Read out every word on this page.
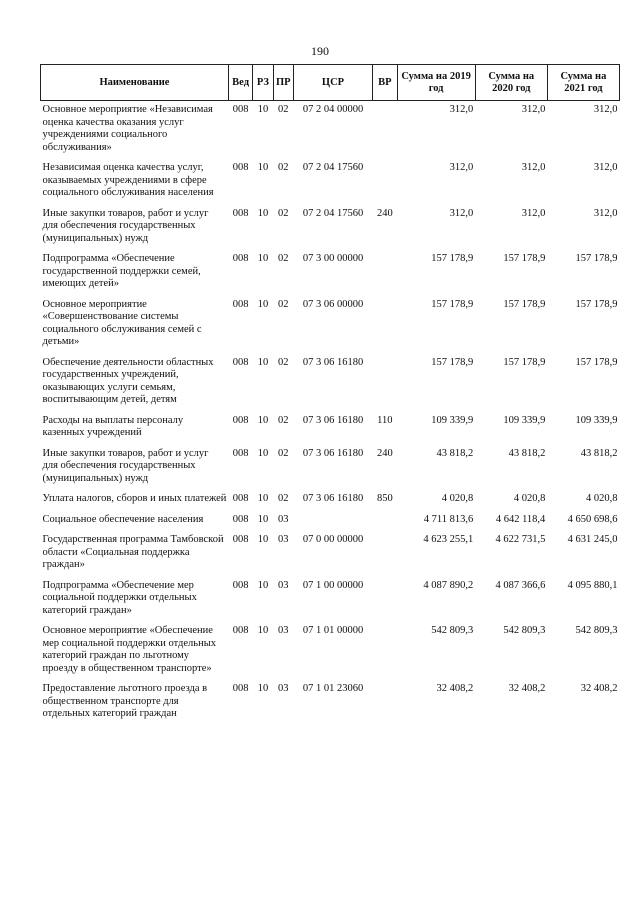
190
Наименование	Вед	РЗ	ПР	ЦСР	ВР	Сумма на 2019 год	Сумма на 2020 год	Сумма на 2021 год
Основное мероприятие «Независимая оценка качества оказания услуг учреждениями социального обслуживания»	008	10	02	07 2 04 00000		312,0	312,0	312,0
Независимая оценка качества услуг, оказываемых учреждениями в сфере социального обслуживания населения	008	10	02	07 2 04 17560		312,0	312,0	312,0
Иные закупки товаров, работ и услуг для обеспечения государственных (муниципальных) нужд	008	10	02	07 2 04 17560	240	312,0	312,0	312,0
Подпрограмма «Обеспечение государственной поддержки семей, имеющих детей»	008	10	02	07 3 00 00000		157 178,9	157 178,9	157 178,9
Основное мероприятие «Совершенствование системы социального обслуживания семей с детьми»	008	10	02	07 3 06 00000		157 178,9	157 178,9	157 178,9
Обеспечение деятельности областных государственных учреждений, оказывающих услуги семьям, воспитывающим детей, детям	008	10	02	07 3 06 16180		157 178,9	157 178,9	157 178,9
Расходы на выплаты персоналу казенных учреждений	008	10	02	07 3 06 16180	110	109 339,9	109 339,9	109 339,9
Иные закупки товаров, работ и услуг для обеспечения государственных (муниципальных) нужд	008	10	02	07 3 06 16180	240	43 818,2	43 818,2	43 818,2
Уплата налогов, сборов и иных платежей	008	10	02	07 3 06 16180	850	4 020,8	4 020,8	4 020,8
Социальное обеспечение населения	008	10	03			4 711 813,6	4 642 118,4	4 650 698,6
Государственная программа Тамбовской области «Социальная поддержка граждан»	008	10	03	07 0 00 00000		4 623 255,1	4 622 731,5	4 631 245,0
Подпрограмма «Обеспечение мер социальной поддержки отдельных категорий граждан»	008	10	03	07 1 00 00000		4 087 890,2	4 087 366,6	4 095 880,1
Основное мероприятие «Обеспечение мер социальной поддержки отдельных категорий граждан по льготному проезду в общественном транспорте»	008	10	03	07 1 01 00000		542 809,3	542 809,3	542 809,3
Предоставление льготного проезда в общественном транспорте для отдельных категорий граждан	008	10	03	07 1 01 23060		32 408,2	32 408,2	32 408,2
